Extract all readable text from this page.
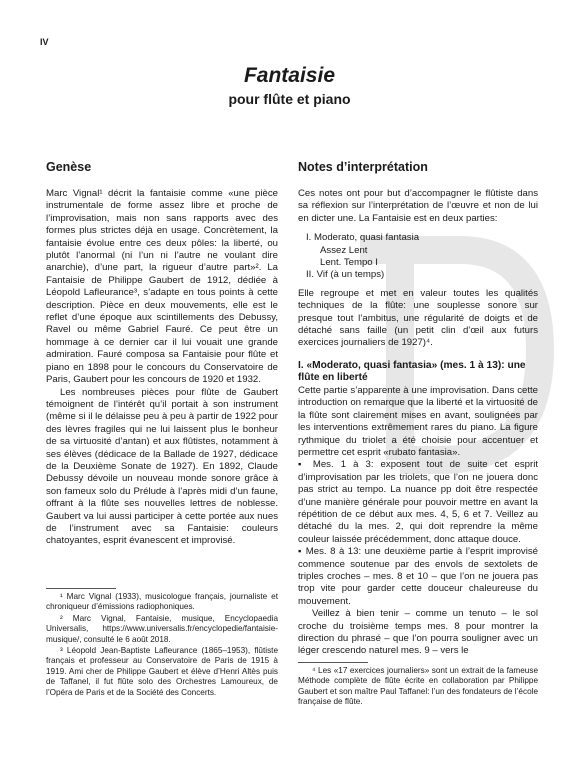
IV
Fantaisie
pour flûte et piano
Genèse

Marc Vignal¹ décrit la fantaisie comme «une pièce instrumentale de forme assez libre et proche de l’improvisation, mais non sans rapports avec des formes plus strictes déjà en usage. Concrètement, la fantaisie évolue entre ces deux pôles: la liberté, ou plutôt l’anormal (ni l’un ni l’autre ne voulant dire anarchie), d’une part, la rigueur d’autre part»². La Fantaisie de Philippe Gaubert de 1912, dédiée à Léopold Lafleurance³, s’adapte en tous points à cette description. Pièce en deux mouvements, elle est le reflet d’une époque aux scintillements des Debussy, Ravel ou même Gabriel Fauré. Ce peut être un hommage à ce dernier car il lui vouait une grande admiration. Fauré composa sa Fantaisie pour flûte et piano en 1898 pour le concours du Conservatoire de Paris, Gaubert pour les concours de 1920 et 1932.

Les nombreuses pièces pour flûte de Gaubert témoignent de l’intérêt qu’il portait à son instrument (même si il le délaisse peu à peu à partir de 1922 pour des lèvres fragiles qui ne lui laissent plus le bonheur de sa virtuosité d’antan) et aux flûtistes, notamment à ses élèves (dédicace de la Ballade de 1927, dédicace de la Deuxième Sonate de 1927). En 1892, Claude Debussy dévoile un nouveau monde sonore grâce à son fameux solo du Prélude à l’après midi d’un faune, offrant à la flûte ses nouvelles lettres de noblesse. Gaubert va lui aussi participer à cette portée aux nues de l’instrument avec sa Fantaisie: couleurs chatoyantes, esprit évanescent et improvisé.

¹ Marc Vignal (1933), musicologue français, journaliste et chroniqueur d’émissions radiophoniques.

² Marc Vignal, Fantaisie, musique, Encyclopaedia Universalis, https://www.universalis.fr/encyclopedie/fantaisie-musique/, consulté le 6 août 2018.

³ Léopold Jean-Baptiste Lafleurance (1865–1953), flûtiste français et professeur au Conservatoire de Paris de 1915 à 1919. Ami cher de Philippe Gaubert et élève d’Henri Altès puis de Taffanel, il fut flûte solo des Orchestres Lamoureux, de l’Opéra de Paris et de la Société des Concerts.

Notes d’interprétation

Ces notes ont pour but d’accompagner le flûtiste dans sa réflexion sur l’interprétation de l’œuvre et non de lui en dicter une. La Fantaisie est en deux parties:

I. Moderato, quasi fantasia
Assez Lent
Lent. Tempo I
II. Vif (à un temps)

Elle regroupe et met en valeur toutes les qualités techniques de la flûte: une souplesse sonore sur presque tout l’ambitus, une régularité de doigts et de détaché sans faille (un petit clin d’œil aux futurs exercices journaliers de 1927)⁴.

I. «Moderato, quasi fantasia» (mes. 1 à 13): une flûte en liberté

Cette partie s’apparente à une improvisation. Dans cette introduction on remarque que la liberté et la virtuosité de la flûte sont clairement mises en avant, soulignées par les interventions extrêmement rares du piano. La figure rythmique du triolet a été choisie pour accentuer et permettre cet esprit «rubato fantasia».

▪ Mes. 1 à 3: exposent tout de suite cet esprit d’improvisation par les triolets, que l’on ne jouera donc pas strict au tempo. La nuance pp doit être respectée d’une manière générale pour pouvoir mettre en avant la répétition de ce début aux mes. 4, 5, 6 et 7. Veillez au détaché du la mes. 2, qui doit reprendre la même couleur laissée précédemment, donc attaque douce.

▪ Mes. 8 à 13: une deuxième partie à l’esprit improvisé commence soutenue par des envols de sextolets de triples croches – mes. 8 et 10 – que l’on ne jouera pas trop vite pour garder cette douceur chaleureuse du mouvement.

Veillez à bien tenir – comme un tenuto – le sol croche du troisième temps mes. 8 pour montrer la direction du phrasé – que l’on pourra souligner avec un léger crescendo naturel mes. 9 – vers le

⁴ Les «17 exercices journaliers» sont un extrait de la fameuse Méthode complète de flûte écrite en collaboration par Philippe Gaubert et son maître Paul Taffanel: l’un des fondateurs de l’école française de flûte.
